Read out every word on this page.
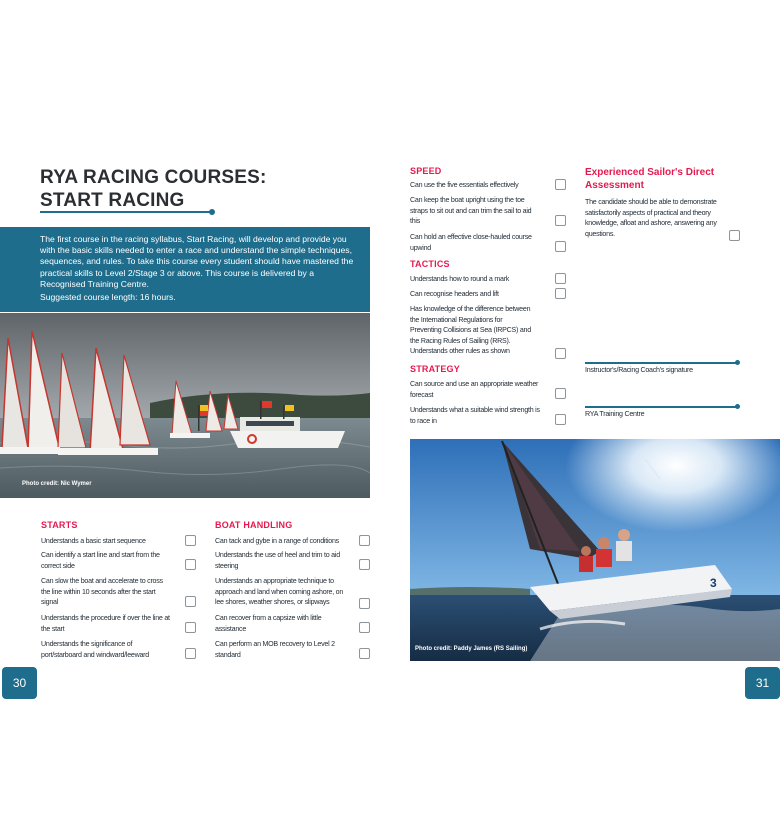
RYA RACING COURSES:
START RACING

The first course in the racing syllabus, Start Racing, will develop and provide you with the basic skills needed to enter a race and understand the simple techniques, sequences, and rules. To take this course every student should have mastered the practical skills to Level 2/Stage 3 or above. This course is delivered by a Recognised Training Centre.

Suggested course length: 16 hours.

Photo credit: Nic Wymer
STARTS
Understands a basic start sequence
Can identify a start line and start from the correct side
Can slow the boat and accelerate to cross the line within 10 seconds after the start signal
Understands the procedure if over the line at the start
Understands the significance of port/starboard and windward/leeward
BOAT HANDLING
Can tack and gybe in a range of conditions
Understands the use of heel and trim to aid steering
Understands an appropriate technique to approach and land when coming ashore, on lee shores, weather shores, or slipways
Can recover from a capsize with little assistance
Can perform an MOB recovery to Level 2 standard
30
SPEED
Can use the five essentials effectively
Can keep the boat upright using the toe straps to sit out and can trim the sail to aid this
Can hold an effective close-hauled course upwind
TACTICS
Understands how to round a mark
Can recognise headers and lift
Has knowledge of the difference between the International Regulations for Preventing Collisions at Sea (IRPCS) and the Racing Rules of Sailing (RRS). Understands other rules as shown
STRATEGY
Can source and use an appropriate weather forecast
Understands what a suitable wind strength is to race in
Experienced Sailor's Direct Assessment
The candidate should be able to demonstrate satisfactorily aspects of practical and theory knowledge, afloat and ashore, answering any questions.
Instructor's/Racing Coach's signature
RYA Training Centre
3
Photo credit: Paddy James (RS Sailing)
31
